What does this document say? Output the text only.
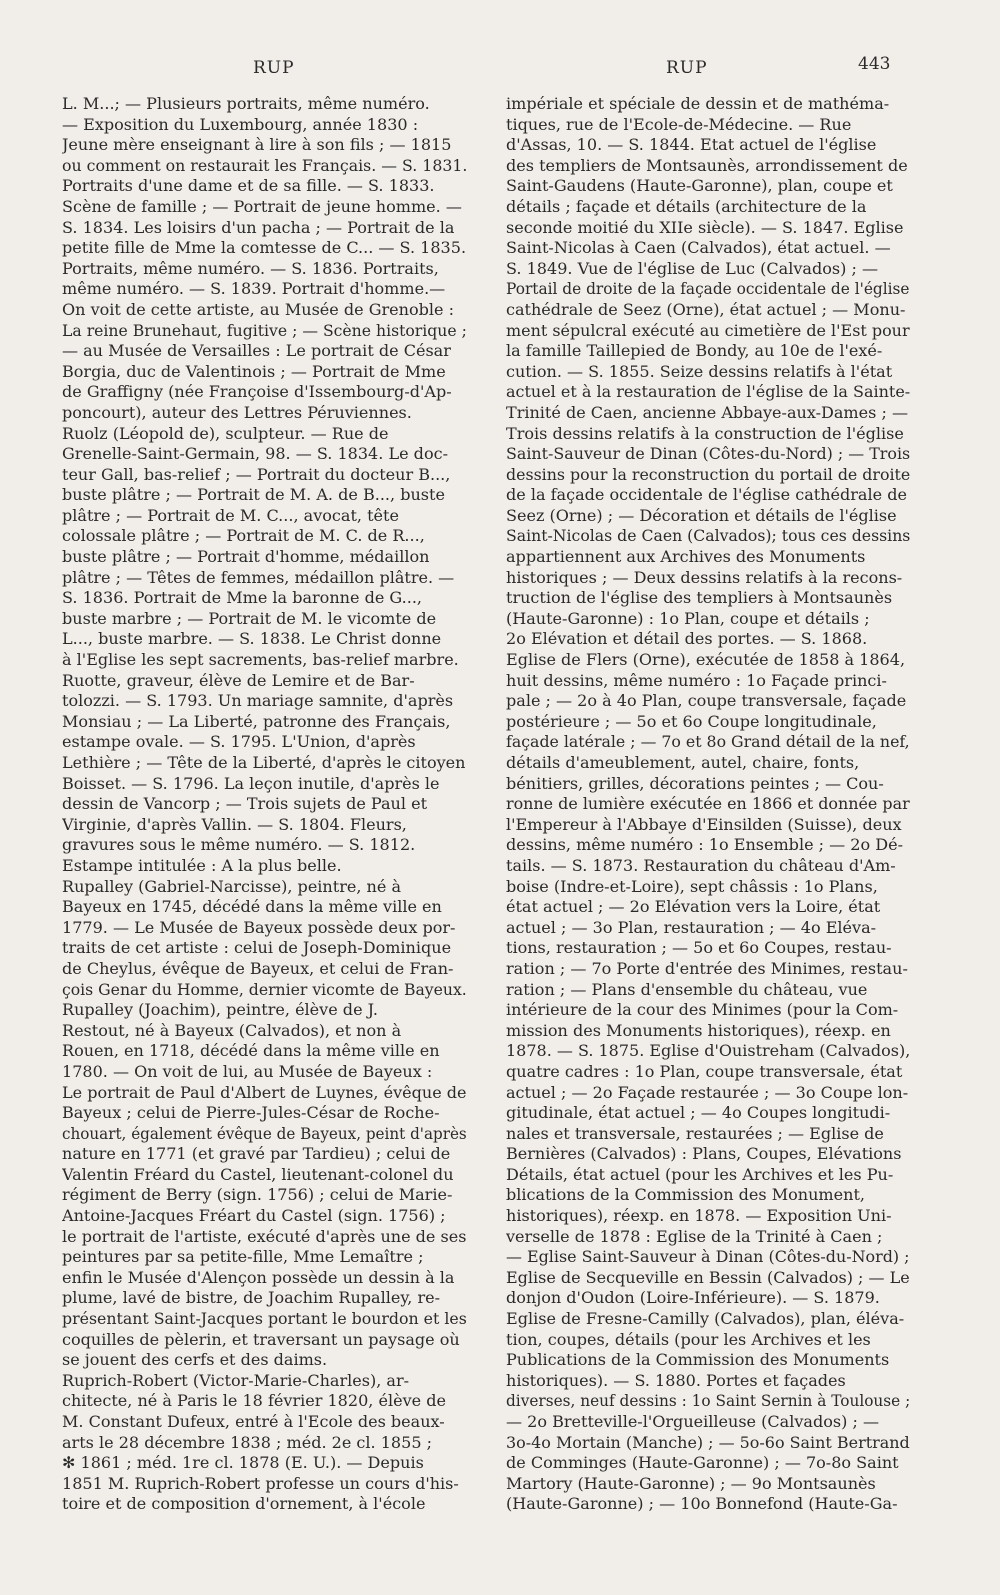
RUP	RUP	443
L. M...; — Plusieurs portraits, même numéro.
— Exposition du Luxembourg, année 1830 :
Jeune mère enseignant à lire à son fils ; — 1815
ou comment on restaurait les Français. — S. 1831.
Portraits d'une dame et de sa fille. — S. 1833.
Scène de famille ; — Portrait de jeune homme. —
S. 1834. Les loisirs d'un pacha ; — Portrait de la
petite fille de Mme la comtesse de C... — S. 1835.
Portraits, même numéro. — S. 1836. Portraits,
même numéro. — S. 1839. Portrait d'homme.—
On voit de cette artiste, au Musée de Grenoble :
La reine Brunehaut, fugitive ; — Scène historique ;
— au Musée de Versailles : Le portrait de César
Borgia, duc de Valentinois ; — Portrait de Mme
de Graffigny (née Françoise d'Issembourg-d'Ap-
poncourt), auteur des Lettres Péruviennes.
Ruolz (Léopold de), sculpteur. — Rue de
Grenelle-Saint-Germain, 98. — S. 1834. Le doc-
teur Gall, bas-relief ; — Portrait du docteur B...,
buste plâtre ; — Portrait de M. A. de B..., buste
plâtre ; — Portrait de M. C..., avocat, tête
colossale plâtre ; — Portrait de M. C. de R...,
buste plâtre ; — Portrait d'homme, médaillon
plâtre ; — Têtes de femmes, médaillon plâtre. —
S. 1836. Portrait de Mme la baronne de G...,
buste marbre ; — Portrait de M. le vicomte de
L..., buste marbre. — S. 1838. Le Christ donne
à l'Eglise les sept sacrements, bas-relief marbre.
Ruotte, graveur, élève de Lemire et de Bar-
tolozzi. — S. 1793. Un mariage samnite, d'après
Monsiau ; — La Liberté, patronne des Français,
estampe ovale. — S. 1795. L'Union, d'après
Lethière ; — Tête de la Liberté, d'après le citoyen
Boisset. — S. 1796. La leçon inutile, d'après le
dessin de Vancorp ; — Trois sujets de Paul et
Virginie, d'après Vallin. — S. 1804. Fleurs,
gravures sous le même numéro. — S. 1812.
Estampe intitulée : A la plus belle.
Rupalley (Gabriel-Narcisse), peintre, né à
Bayeux en 1745, décédé dans la même ville en
1779. — Le Musée de Bayeux possède deux por-
traits de cet artiste : celui de Joseph-Dominique
de Cheylus, évêque de Bayeux, et celui de Fran-
çois Genar du Homme, dernier vicomte de Bayeux.
Rupalley (Joachim), peintre, élève de J.
Restout, né à Bayeux (Calvados), et non à
Rouen, en 1718, décédé dans la même ville en
1780. — On voit de lui, au Musée de Bayeux :
Le portrait de Paul d'Albert de Luynes, évêque de
Bayeux ; celui de Pierre-Jules-César de Roche-
chouart, également évêque de Bayeux, peint d'après
nature en 1771 (et gravé par Tardieu) ; celui de
Valentin Fréard du Castel, lieutenant-colonel du
régiment de Berry (sign. 1756) ; celui de Marie-
Antoine-Jacques Fréart du Castel (sign. 1756) ;
le portrait de l'artiste, exécuté d'après une de ses
peintures par sa petite-fille, Mme Lemaître ;
enfin le Musée d'Alençon possède un dessin à la
plume, lavé de bistre, de Joachim Rupalley, re-
présentant Saint-Jacques portant le bourdon et les
coquilles de pèlerin, et traversant un paysage où
se jouent des cerfs et des daims.
Ruprich-Robert (Victor-Marie-Charles), ar-
chitecte, né à Paris le 18 février 1820, élève de
M. Constant Dufeux, entré à l'Ecole des beaux-
arts le 28 décembre 1838 ; méd. 2e cl. 1855 ;
✻ 1861 ; méd. 1re cl. 1878 (E. U.). — Depuis
1851 M. Ruprich-Robert professe un cours d'his-
toire et de composition d'ornement, à l'école
impériale et spéciale de dessin et de mathéma-
tiques, rue de l'Ecole-de-Médecine. — Rue
d'Assas, 10. — S. 1844. Etat actuel de l'église
des templiers de Montsaunès, arrondissement de
Saint-Gaudens (Haute-Garonne), plan, coupe et
détails ; façade et détails (architecture de la
seconde moitié du XIIe siècle). — S. 1847. Eglise
Saint-Nicolas à Caen (Calvados), état actuel. —
S. 1849. Vue de l'église de Luc (Calvados) ; —
Portail de droite de la façade occidentale de l'église
cathédrale de Seez (Orne), état actuel ; — Monu-
ment sépulcral exécuté au cimetière de l'Est pour
la famille Taillepied de Bondy, au 10e de l'exé-
cution. — S. 1855. Seize dessins relatifs à l'état
actuel et à la restauration de l'église de la Sainte-
Trinité de Caen, ancienne Abbaye-aux-Dames ; —
Trois dessins relatifs à la construction de l'église
Saint-Sauveur de Dinan (Côtes-du-Nord) ; — Trois
dessins pour la reconstruction du portail de droite
de la façade occidentale de l'église cathédrale de
Seez (Orne) ; — Décoration et détails de l'église
Saint-Nicolas de Caen (Calvados); tous ces dessins
appartiennent aux Archives des Monuments
historiques ; — Deux dessins relatifs à la recons-
truction de l'église des templiers à Montsaunès
(Haute-Garonne) : 1o Plan, coupe et détails ;
2o Elévation et détail des portes. — S. 1868.
Eglise de Flers (Orne), exécutée de 1858 à 1864,
huit dessins, même numéro : 1o Façade princi-
pale ; — 2o à 4o Plan, coupe transversale, façade
postérieure ; — 5o et 6o Coupe longitudinale,
façade latérale ; — 7o et 8o Grand détail de la nef,
détails d'ameublement, autel, chaire, fonts,
bénitiers, grilles, décorations peintes ; — Cou-
ronne de lumière exécutée en 1866 et donnée par
l'Empereur à l'Abbaye d'Einsilden (Suisse), deux
dessins, même numéro : 1o Ensemble ; — 2o Dé-
tails. — S. 1873. Restauration du château d'Am-
boise (Indre-et-Loire), sept châssis : 1o Plans,
état actuel ; — 2o Elévation vers la Loire, état
actuel ; — 3o Plan, restauration ; — 4o Eléva-
tions, restauration ; — 5o et 6o Coupes, restau-
ration ; — 7o Porte d'entrée des Minimes, restau-
ration ; — Plans d'ensemble du château, vue
intérieure de la cour des Minimes (pour la Com-
mission des Monuments historiques), réexp. en
1878. — S. 1875. Eglise d'Ouistreham (Calvados),
quatre cadres : 1o Plan, coupe transversale, état
actuel ; — 2o Façade restaurée ; — 3o Coupe lon-
gitudinale, état actuel ; — 4o Coupes longitudi-
nales et transversale, restaurées ; — Eglise de
Bernières (Calvados) : Plans, Coupes, Elévations
Détails, état actuel (pour les Archives et les Pu-
blications de la Commission des Monument,
historiques), réexp. en 1878. — Exposition Uni-
verselle de 1878 : Eglise de la Trinité à Caen ;
— Eglise Saint-Sauveur à Dinan (Côtes-du-Nord) ;
Eglise de Secqueville en Bessin (Calvados) ; — Le
donjon d'Oudon (Loire-Inférieure). — S. 1879.
Eglise de Fresne-Camilly (Calvados), plan, éléva-
tion, coupes, détails (pour les Archives et les
Publications de la Commission des Monuments
historiques). — S. 1880. Portes et façades
diverses, neuf dessins : 1o Saint Sernin à Toulouse ;
— 2o Bretteville-l'Orgueilleuse (Calvados) ; —
3o-4o Mortain (Manche) ; — 5o-6o Saint Bertrand
de Comminges (Haute-Garonne) ; — 7o-8o Saint
Martory (Haute-Garonne) ; — 9o Montsaunès
(Haute-Garonne) ; — 10o Bonnefond (Haute-Ga-
